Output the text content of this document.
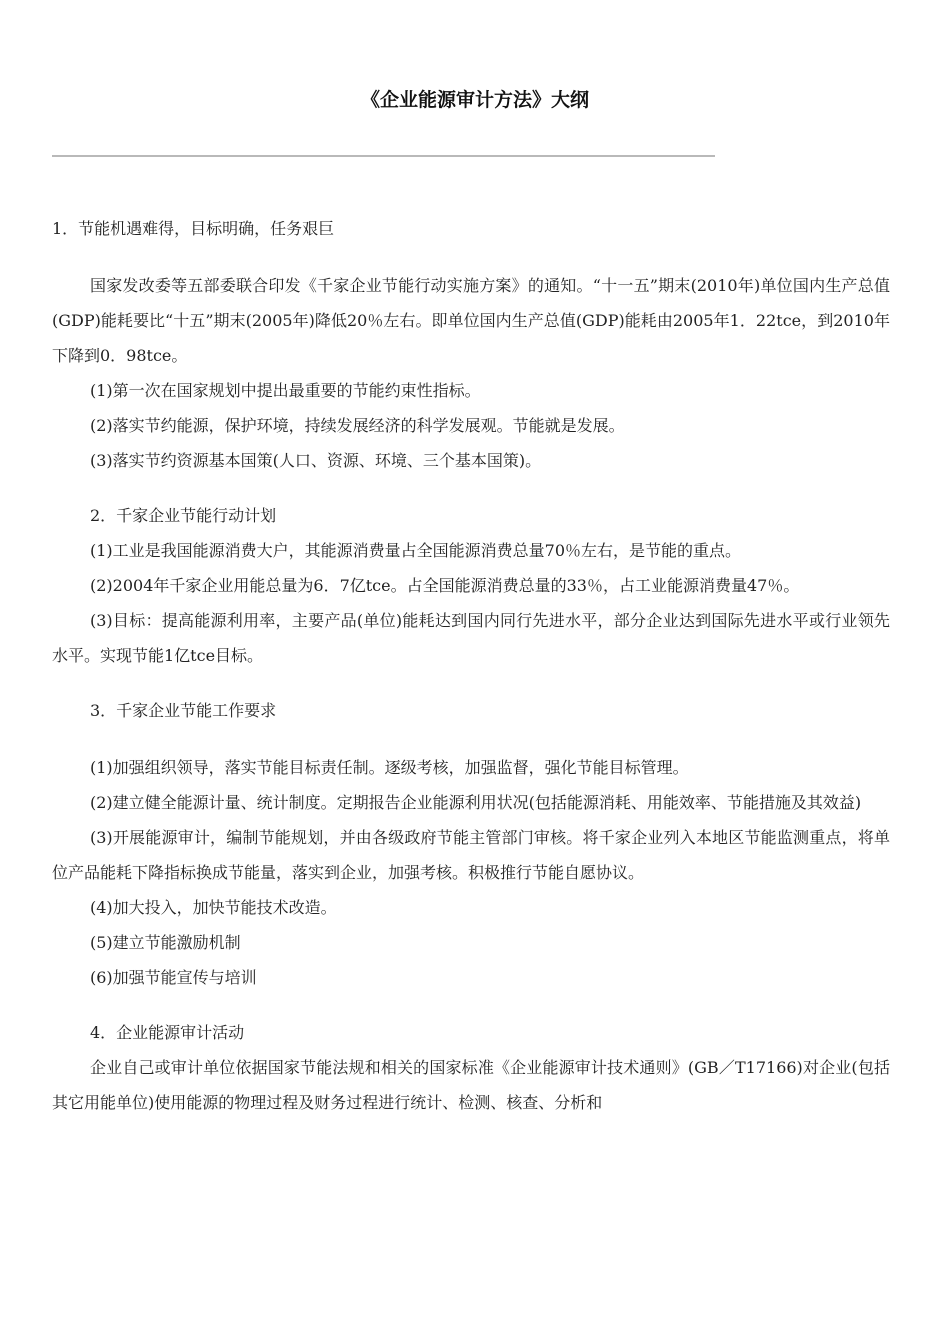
《企业能源审计方法》大纲

1．节能机遇难得，目标明确，任务艰巨

国家发改委等五部委联合印发《千家企业节能行动实施方案》的通知。“十一五”期末(2010年)单位国内生产总值(GDP)能耗要比“十五”期末(2005年)降低20％左右。即单位国内生产总值(GDP)能耗由2005年1．22tce，到2010年下降到0．98tce。

(1)第一次在国家规划中提出最重要的节能约束性指标。

(2)落实节约能源，保护环境，持续发展经济的科学发展观。节能就是发展。

(3)落实节约资源基本国策(人口、资源、环境、三个基本国策)。

2．千家企业节能行动计划

(1)工业是我国能源消费大户，其能源消费量占全国能源消费总量70％左右，是节能的重点。

(2)2004年千家企业用能总量为6．7亿tce。占全国能源消费总量的33％，占工业能源消费量47％。

(3)目标：提高能源利用率，主要产品(单位)能耗达到国内同行先进水平，部分企业达到国际先进水平或行业领先水平。实现节能1亿tce目标。

3．千家企业节能工作要求

(1)加强组织领导，落实节能目标责任制。逐级考核，加强监督，强化节能目标管理。

(2)建立健全能源计量、统计制度。定期报告企业能源利用状况(包括能源消耗、用能效率、节能措施及其效益)

(3)开展能源审计，编制节能规划，并由各级政府节能主管部门审核。将千家企业列入本地区节能监测重点，将单位产品能耗下降指标换成节能量，落实到企业，加强考核。积极推行节能自愿协议。

(4)加大投入，加快节能技术改造。

(5)建立节能激励机制

(6)加强节能宣传与培训

4．企业能源审计活动

企业自己或审计单位依据国家节能法规和相关的国家标准《企业能源审计技术通则》(GB／T17166)对企业(包括其它用能单位)使用能源的物理过程及财务过程进行统计、检测、核查、分析和
